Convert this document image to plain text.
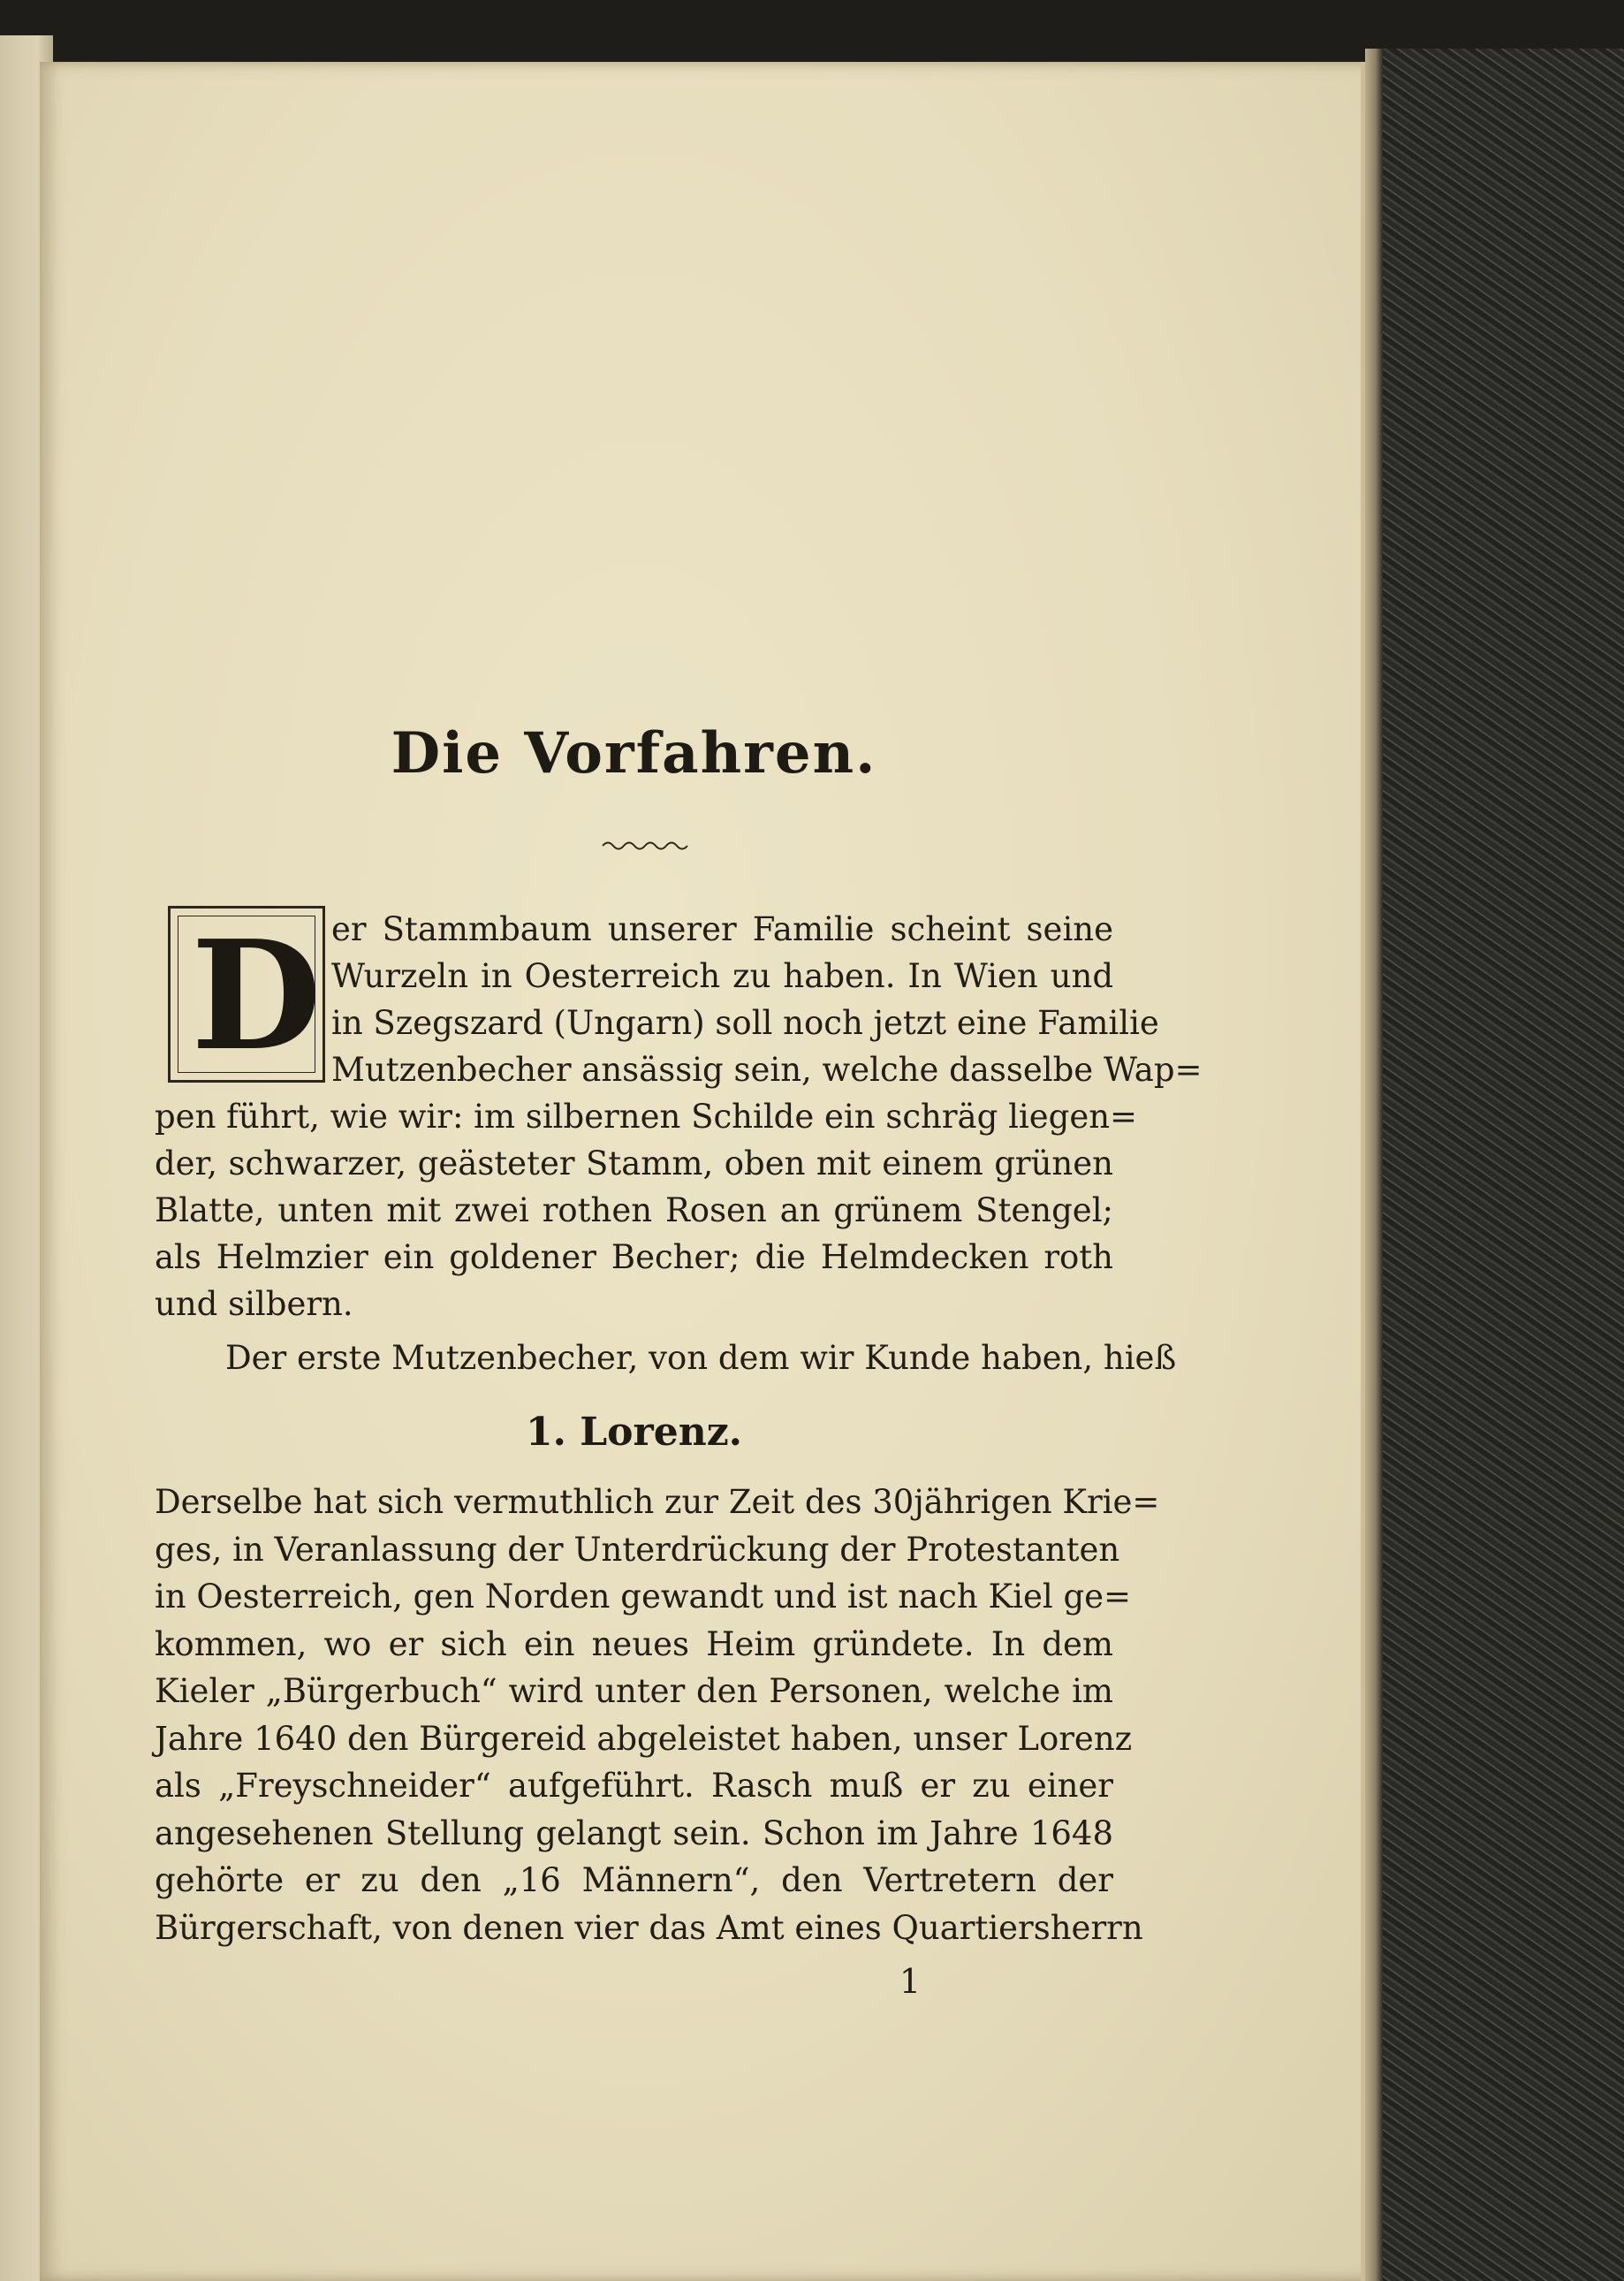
Die Vorfahren.
D er Stammbaum unserer Familie scheint seine
Wurzeln in Oesterreich zu haben. In Wien und
in Szegszard (Ungarn) soll noch jetzt eine Familie
Mutzenbecher ansässig sein, welche dasselbe Wap=
pen führt, wie wir: im silbernen Schilde ein schräg liegen=
der, schwarzer, geästeter Stamm, oben mit einem grünen
Blatte, unten mit zwei rothen Rosen an grünem Stengel;
als Helmzier ein goldener Becher; die Helmdecken roth
und silbern.
Der erste Mutzenbecher, von dem wir Kunde haben, hieß
1. Lorenz.
Derselbe hat sich vermuthlich zur Zeit des 30jährigen Krie=
ges, in Veranlassung der Unterdrückung der Protestanten
in Oesterreich, gen Norden gewandt und ist nach Kiel ge=
kommen, wo er sich ein neues Heim gründete. In dem
Kieler „Bürgerbuch“ wird unter den Personen, welche im
Jahre 1640 den Bürgereid abgeleistet haben, unser Lorenz
als „Freyschneider“ aufgeführt. Rasch muß er zu einer
angesehenen Stellung gelangt sein. Schon im Jahre 1648
gehörte er zu den „16 Männern“, den Vertretern der
Bürgerschaft, von denen vier das Amt eines Quartiersherrn
1
